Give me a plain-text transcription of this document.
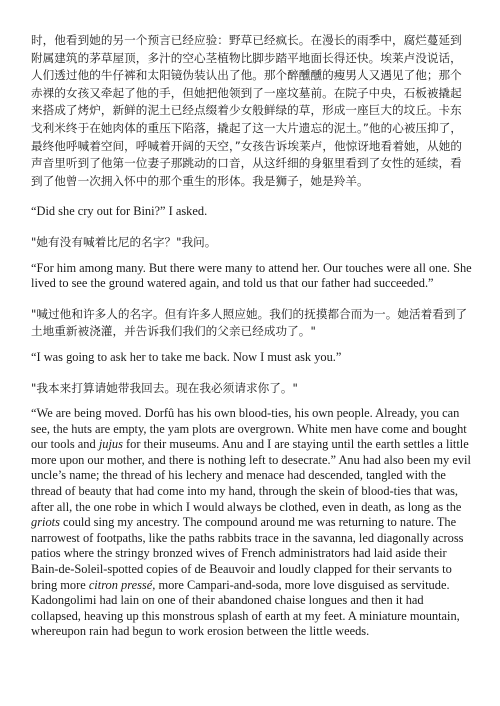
时，他看到她的另一个预言已经应验：野草已经疯长。在漫长的雨季中，腐烂蔓延到附属建筑的茅草屋顶，多汁的空心茎植物比脚步踏平地面长得还快。埃莱卢没说话，人们透过他的牛仔裤和太阳镜伪装认出了他。那个醉醺醺的瘦男人又遇见了他；那个赤裸的女孩又牵起了他的手，但她把他领到了一座坟墓前。在院子中央，石板被撬起来搭成了烤炉，新鲜的泥土已经点缀着少女般鲜绿的草，形成一座巨大的坟丘。卡东戈利米终于在她肉体的重压下陷落，撬起了这一大片遗忘的泥土。”他的心被压抑了，最终他呼喊着空间，呼喊着开阔的天空，”女孩告诉埃莱卢，他惊讶地看着她，从她的声音里听到了他第一位妻子那跳动的口音，从这纤细的身躯里看到了女性的延续，看到了他曾一次拥入怀中的那个重生的形体。我是狮子，她是羚羊。

“Did she cry out for Bini?” I asked.

"她有没有喊着比尼的名字？"我问。

“For him among many. But there were many to attend her. Our touches were all one. She lived to see the ground watered again, and told us that our father had succeeded.”

"喊过他和许多人的名字。但有许多人照应她。我们的抚摸都合而为一。她活着看到了土地重新被浇灌，并告诉我们我们的父亲已经成功了。"

“I was going to ask her to take me back. Now I must ask you.”

"我本来打算请她带我回去。现在我必须请求你了。"

“We are being moved. Dorfû has his own blood-ties, his own people. Already, you can see, the huts are empty, the yam plots are overgrown. White men have come and bought our tools and jujus for their museums. Anu and I are staying until the earth settles a little more upon our mother, and there is nothing left to desecrate.” Anu had also been my evil uncle’s name; the thread of his lechery and menace had descended, tangled with the thread of beauty that had come into my hand, through the skein of blood-ties that was, after all, the one robe in which I would always be clothed, even in death, as long as the griots could sing my ancestry. The compound around me was returning to nature. The narrowest of footpaths, like the paths rabbits trace in the savanna, led diagonally across patios where the stringy bronzed wives of French administrators had laid aside their Bain-de-Soleil-spotted copies of de Beauvoir and loudly clapped for their servants to bring more citron pressé, more Campari-and-soda, more love disguised as servitude. Kadongolimi had lain on one of their abandoned chaise longues and then it had collapsed, heaving up this monstrous splash of earth at my feet. A miniature mountain, whereupon rain had begun to work erosion between the little weeds.
